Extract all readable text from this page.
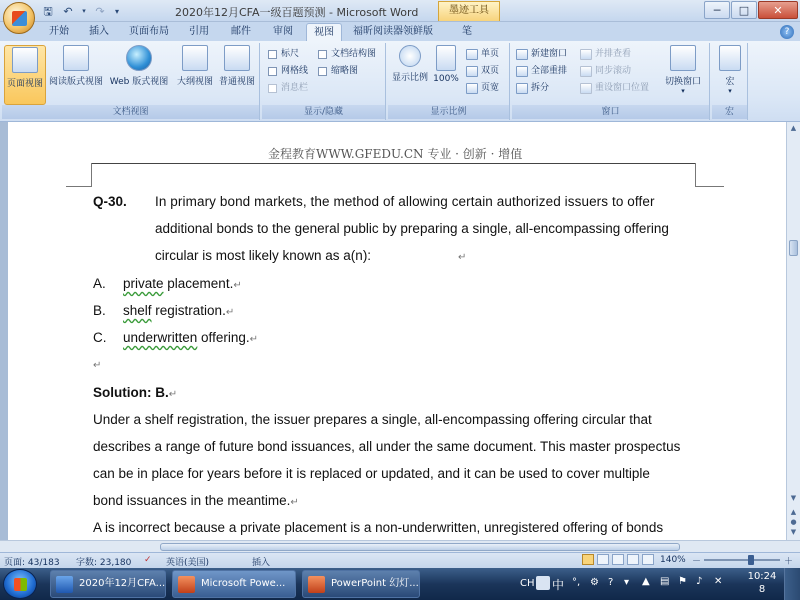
🖫 ↶	▾ ↷	▾	2020年12月CFA一级百题预测 - Microsoft Word	墨迹工具	─	□	✕
开始	插入	页面布局	引用	邮件	审阅	视图	福昕阅读器领鲜版	笔	?
页面视图 阅读版式视图 Web 版式视图 大纲视图 普通视图
文档视图
标尺
网格线
消息栏
文档结构图
缩略图
显示/隐藏
显示比例 100%
单页
双页
页宽
显示比例
新建窗口
全部重排
拆分
并排查看
同步滚动
重设窗口位置
切换窗口
▾
窗口
宏
▾
宏
金程教育WWW.GFEDU.CN 专业 · 创新 · 增值
Q-30. In primary bond markets, the method of allowing certain authorized issuers to offer
additional bonds to the general public by preparing a single, all-encompassing offering
circular is most likely known as a(n):	↵
A. private placement.↵
B. shelf registration.↵
C. underwritten offering.↵
↵
Solution: B.↵
Under a shelf registration, the issuer prepares a single, all-encompassing offering circular that
describes a range of future bond issuances, all under the same document. This master prospectus
can be in place for years before it is replaced or updated, and it can be used to cover multiple
bond issuances in the meantime.↵
A is incorrect because a private placement is a non-underwritten, unregistered offering of bonds
▲
▼
▲
●
▼
页面: 43/183 字数: 23,180 ✓ 英语(美国)	插入	140% －	＋
2020年12月CFA...	Microsoft Powe...	PowerPoint 幻灯...	CH 中 °, ⚙ ? ▾ ▲ ▤ ⚑ ♪ ✕	10:24
8
